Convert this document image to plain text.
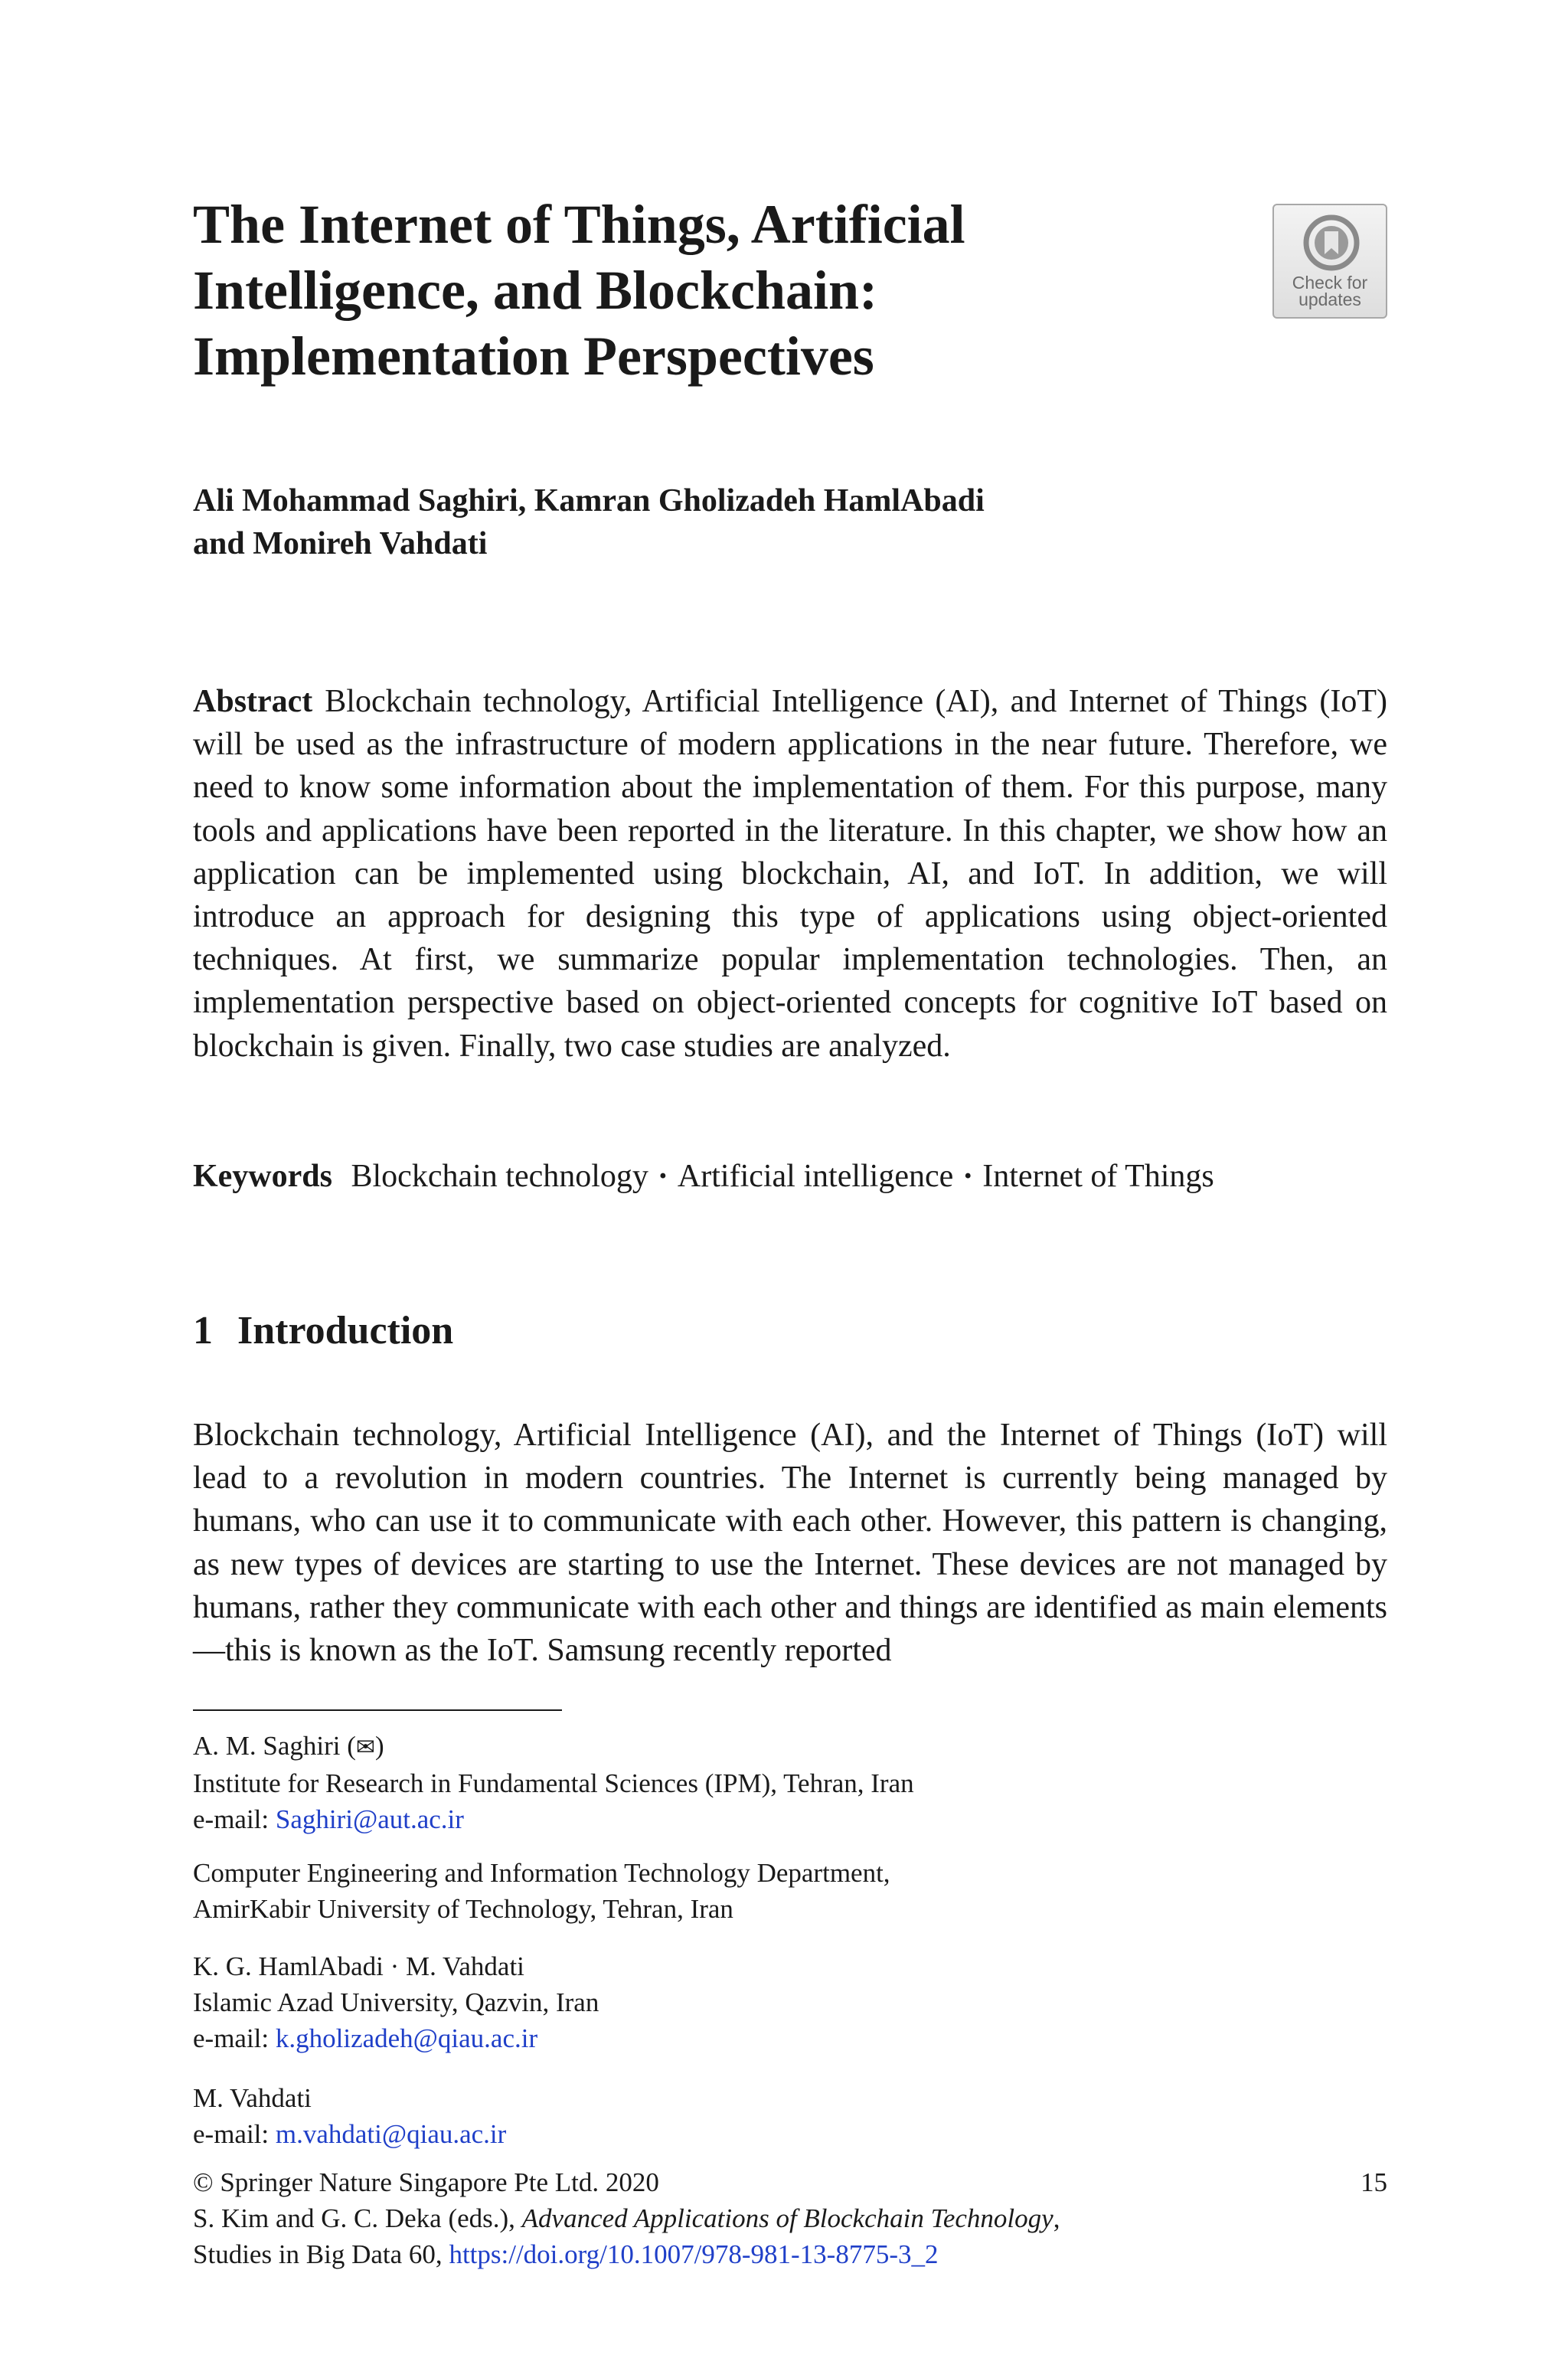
The Internet of Things, Artificial
Intelligence, and Blockchain:
Implementation Perspectives
Check for
updates
Ali Mohammad Saghiri, Kamran Gholizadeh HamlAbadi
and Monireh Vahdati

Abstract Blockchain technology, Artificial Intelligence (AI), and Internet of Things (IoT) will be used as the infrastructure of modern applications in the near future. Therefore, we need to know some information about the implementation of them. For this purpose, many tools and applications have been reported in the literature. In this chapter, we show how an application can be implemented using blockchain, AI, and IoT. In addition, we will introduce an approach for designing this type of applications using object-oriented techniques. At first, we summarize popular implementation technologies. Then, an implementation perspective based on object-oriented concepts for cognitive IoT based on blockchain is given. Finally, two case studies are analyzed.

Keywords Blockchain technology · Artificial intelligence · Internet of Things
1 Introduction

Blockchain technology, Artificial Intelligence (AI), and the Internet of Things (IoT) will lead to a revolution in modern countries. The Internet is currently being managed by humans, who can use it to communicate with each other. However, this pattern is changing, as new types of devices are starting to use the Internet. These devices are not managed by humans, rather they communicate with each other and things are identified as main elements—this is known as the IoT. Samsung recently reported

A. M. Saghiri (✉)
Institute for Research in Fundamental Sciences (IPM), Tehran, Iran
e-mail: Saghiri@aut.ac.ir
Computer Engineering and Information Technology Department,
AmirKabir University of Technology, Tehran, Iran
K. G. HamlAbadi · M. Vahdati
Islamic Azad University, Qazvin, Iran
e-mail: k.gholizadeh@qiau.ac.ir
M. Vahdati
e-mail: m.vahdati@qiau.ac.ir
© Springer Nature Singapore Pte Ltd. 2020
S. Kim and G. C. Deka (eds.), Advanced Applications of Blockchain Technology,
Studies in Big Data 60, https://doi.org/10.1007/978-981-13-8775-3_2
15
